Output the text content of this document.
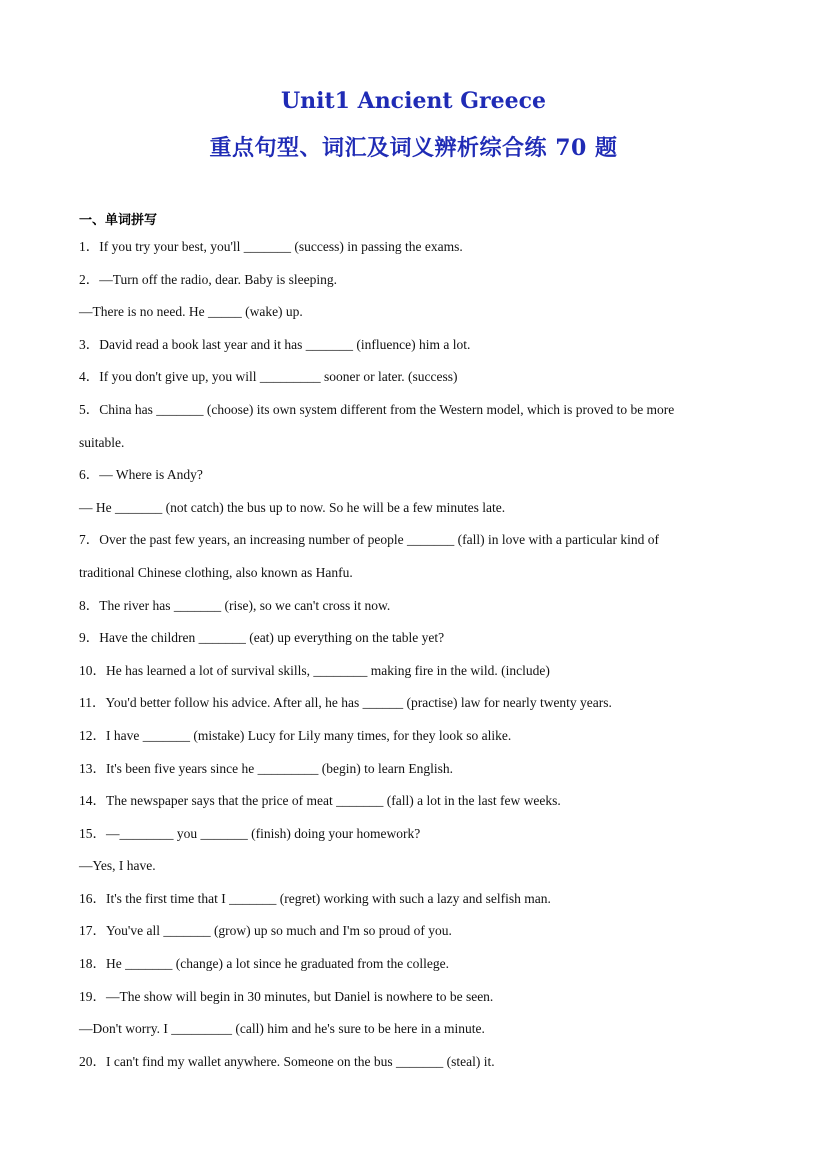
Unit1 Ancient Greece
重点句型、词汇及词义辨析综合练 70 题
一、单词拼写
1．If you try your best, you'll _______ (success) in passing the exams.
2．—Turn off the radio, dear. Baby is sleeping.
—There is no need. He _____ (wake) up.
3．David read a book last year and it has _______ (influence) him a lot.
4．If you don't give up, you will _________ sooner or later. (success)
5．China has _______ (choose) its own system different from the Western model, which is proved to be more
suitable.
6．— Where is Andy?
— He _______ (not catch) the bus up to now. So he will be a few minutes late.
7．Over the past few years, an increasing number of people _______ (fall) in love with a particular kind of
traditional Chinese clothing, also known as Hanfu.
8．The river has _______ (rise), so we can't cross it now.
9．Have the children _______ (eat) up everything on the table yet?
10．He has learned a lot of survival skills, ________ making fire in the wild. (include)
11．You'd better follow his advice. After all, he has ______ (practise) law for nearly twenty years.
12．I have _______ (mistake) Lucy for Lily many times, for they look so alike.
13．It's been five years since he _________ (begin) to learn English.
14．The newspaper says that the price of meat _______ (fall) a lot in the last few weeks.
15．—________ you _______ (finish) doing your homework?
—Yes, I have.
16．It's the first time that I _______ (regret) working with such a lazy and selfish man.
17．You've all _______ (grow) up so much and I'm so proud of you.
18．He _______ (change) a lot since he graduated from the college.
19．—The show will begin in 30 minutes, but Daniel is nowhere to be seen.
—Don't worry. I _________ (call) him and he's sure to be here in a minute.
20．I can't find my wallet anywhere. Someone on the bus _______ (steal) it.
